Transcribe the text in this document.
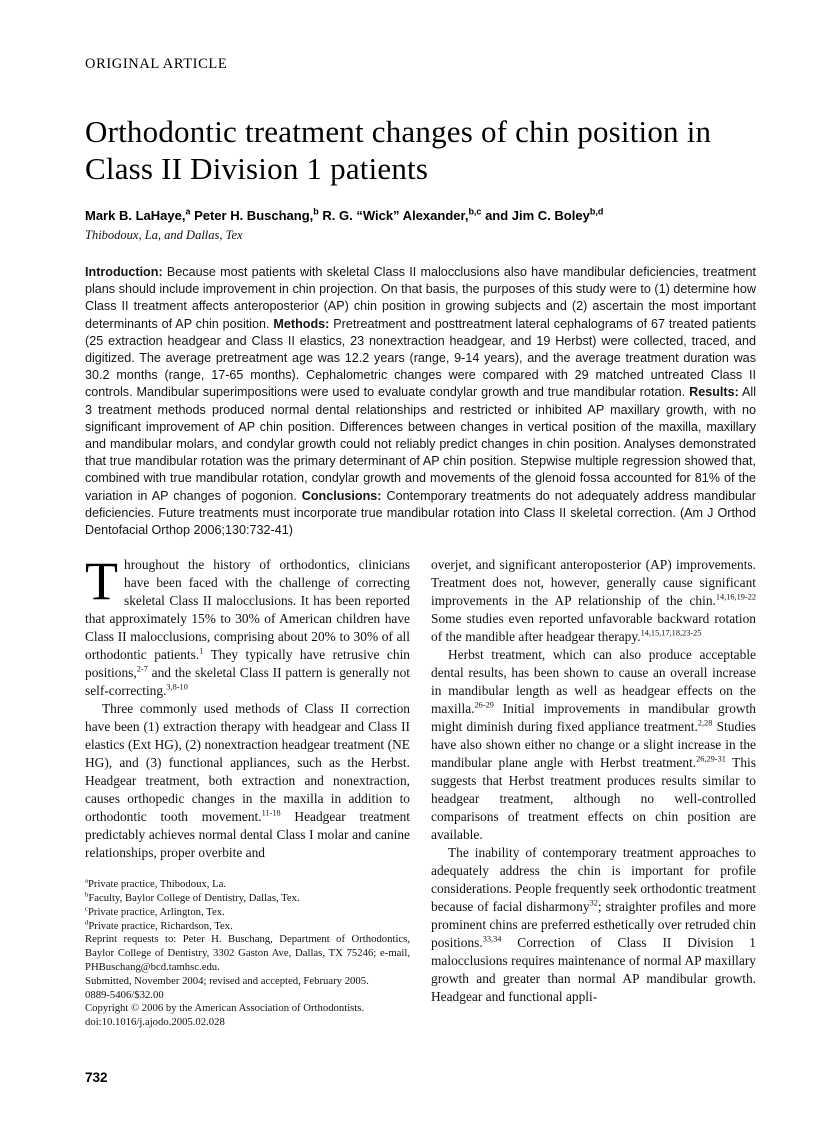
ORIGINAL ARTICLE
Orthodontic treatment changes of chin position in Class II Division 1 patients
Mark B. LaHaye,$^a$ Peter H. Buschang,$^b$ R. G. “Wick” Alexander,$^{b,c}$ and Jim C. Boley$^{b,d}$
Thibodoux, La, and Dallas, Tex
Introduction: Because most patients with skeletal Class II malocclusions also have mandibular deficiencies, treatment plans should include improvement in chin projection. On that basis, the purposes of this study were to (1) determine how Class II treatment affects anteroposterior (AP) chin position in growing subjects and (2) ascertain the most important determinants of AP chin position. Methods: Pretreatment and posttreatment lateral cephalograms of 67 treated patients (25 extraction headgear and Class II elastics, 23 nonextraction headgear, and 19 Herbst) were collected, traced, and digitized. The average pretreatment age was 12.2 years (range, 9-14 years), and the average treatment duration was 30.2 months (range, 17-65 months). Cephalometric changes were compared with 29 matched untreated Class II controls. Mandibular superimpositions were used to evaluate condylar growth and true mandibular rotation. Results: All 3 treatment methods produced normal dental relationships and restricted or inhibited AP maxillary growth, with no significant improvement of AP chin position. Differences between changes in vertical position of the maxilla, maxillary and mandibular molars, and condylar growth could not reliably predict changes in chin position. Analyses demonstrated that true mandibular rotation was the primary determinant of AP chin position. Stepwise multiple regression showed that, combined with true mandibular rotation, condylar growth and movements of the glenoid fossa accounted for 81% of the variation in AP changes of pogonion. Conclusions: Contemporary treatments do not adequately address mandibular deficiencies. Future treatments must incorporate true mandibular rotation into Class II skeletal correction. (Am J Orthod Dentofacial Orthop 2006;130:732-41)

Throughout the history of orthodontics, clinicians have been faced with the challenge of correcting skeletal Class II malocclusions. It has been reported that approximately 15% to 30% of American children have Class II malocclusions, comprising about 20% to 30% of all orthodontic patients.$^1$ They typically have retrusive chin positions,$^{2-7}$ and the skeletal Class II pattern is generally not self-correcting.$^{3,8-10}$

Three commonly used methods of Class II correction have been (1) extraction therapy with headgear and Class II elastics (Ext HG), (2) nonextraction headgear treatment (NE HG), and (3) functional appliances, such as the Herbst. Headgear treatment, both extraction and nonextraction, causes orthopedic changes in the maxilla in addition to orthodontic tooth movement.$^{11-18}$ Headgear treatment predictably achieves normal dental Class I molar and canine relationships, proper overbite and

$^a$Private practice, Thibodoux, La.

$^b$Faculty, Baylor College of Dentistry, Dallas, Tex.

$^c$Private practice, Arlington, Tex.

$^d$Private practice, Richardson, Tex.

Reprint requests to: Peter H. Buschang, Department of Orthodontics, Baylor College of Dentistry, 3302 Gaston Ave, Dallas, TX 75246; e-mail, PHBuschang@bcd.tamhsc.edu.

Submitted, November 2004; revised and accepted, February 2005.

0889-5406/$32.00

Copyright © 2006 by the American Association of Orthodontists.

doi:10.1016/j.ajodo.2005.02.028

overjet, and significant anteroposterior (AP) improvements. Treatment does not, however, generally cause significant improvements in the AP relationship of the chin.$^{14,16,19-22}$ Some studies even reported unfavorable backward rotation of the mandible after headgear therapy.$^{14,15,17,18,23-25}$

Herbst treatment, which can also produce acceptable dental results, has been shown to cause an overall increase in mandibular length as well as headgear effects on the maxilla.$^{26-29}$ Initial improvements in mandibular growth might diminish during fixed appliance treatment.$^{2,28}$ Studies have also shown either no change or a slight increase in the mandibular plane angle with Herbst treatment.$^{26,29-31}$ This suggests that Herbst treatment produces results similar to headgear treatment, although no well-controlled comparisons of treatment effects on chin position are available.

The inability of contemporary treatment approaches to adequately address the chin is important for profile considerations. People frequently seek orthodontic treatment because of facial disharmony$^{32}$; straighter profiles and more prominent chins are preferred esthetically over retruded chin positions.$^{33,34}$ Correction of Class II Division 1 malocclusions requires maintenance of normal AP maxillary growth and greater than normal AP mandibular growth. Headgear and functional appli-

732
